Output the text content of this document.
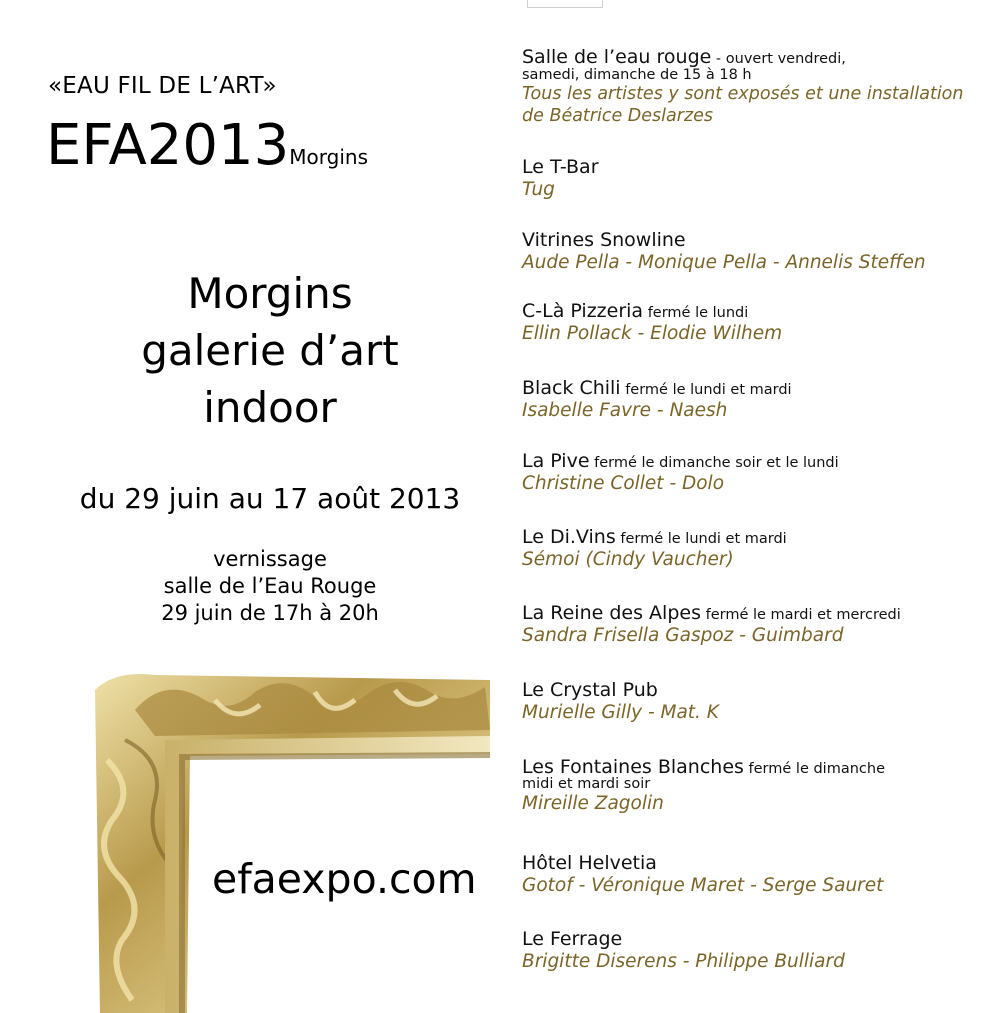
«EAU FIL DE L’ART»
EFA2013Morgins
Morgins
galerie d’art
indoor
du 29 juin au 17 août 2013
vernissage
salle de l’Eau Rouge
29 juin de 17h à 20h
efaexpo.com
Salle de l’eau rouge - ouvert vendredi,
samedi, dimanche de 15 à 18 h
Tous les artistes y sont exposés et une installation
de Béatrice Deslarzes
Le T-Bar
Tug
Vitrines Snowline
Aude Pella - Monique Pella - Annelis Steffen
C-Là Pizzeria fermé le lundi
Ellin Pollack - Elodie Wilhem
Black Chili fermé le lundi et mardi
Isabelle Favre - Naesh
La Pive fermé le dimanche soir et le lundi
Christine Collet - Dolo
Le Di.Vins fermé le lundi et mardi
Sémoi (Cindy Vaucher)
La Reine des Alpes fermé le mardi et mercredi
Sandra Frisella Gaspoz - Guimbard
Le Crystal Pub
Murielle Gilly - Mat. K
Les Fontaines Blanches fermé le dimanche
midi et mardi soir
Mireille Zagolin
Hôtel Helvetia
Gotof - Véronique Maret - Serge Sauret
Le Ferrage
Brigitte Diserens - Philippe Bulliard
